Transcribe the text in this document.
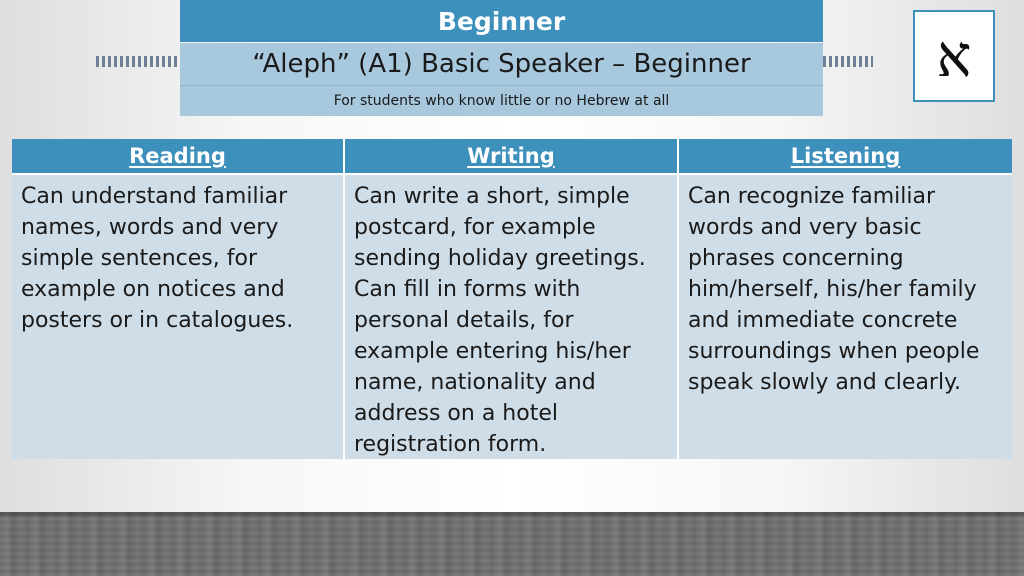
Beginner
“Aleph” (A1) Basic Speaker – Beginner
For students who know little or no Hebrew at all
א
Reading	Writing	Listening
Can understand familiar names, words and very simple sentences, for example on notices and posters or in catalogues.
Can write a short, simple postcard, for example sending holiday greetings. Can fill in forms with personal details, for example entering his/her name, nationality and address on a hotel registration form.
Can recognize familiar words and very basic phrases concerning him/herself, his/her family and immediate concrete surroundings when people speak slowly and clearly.
